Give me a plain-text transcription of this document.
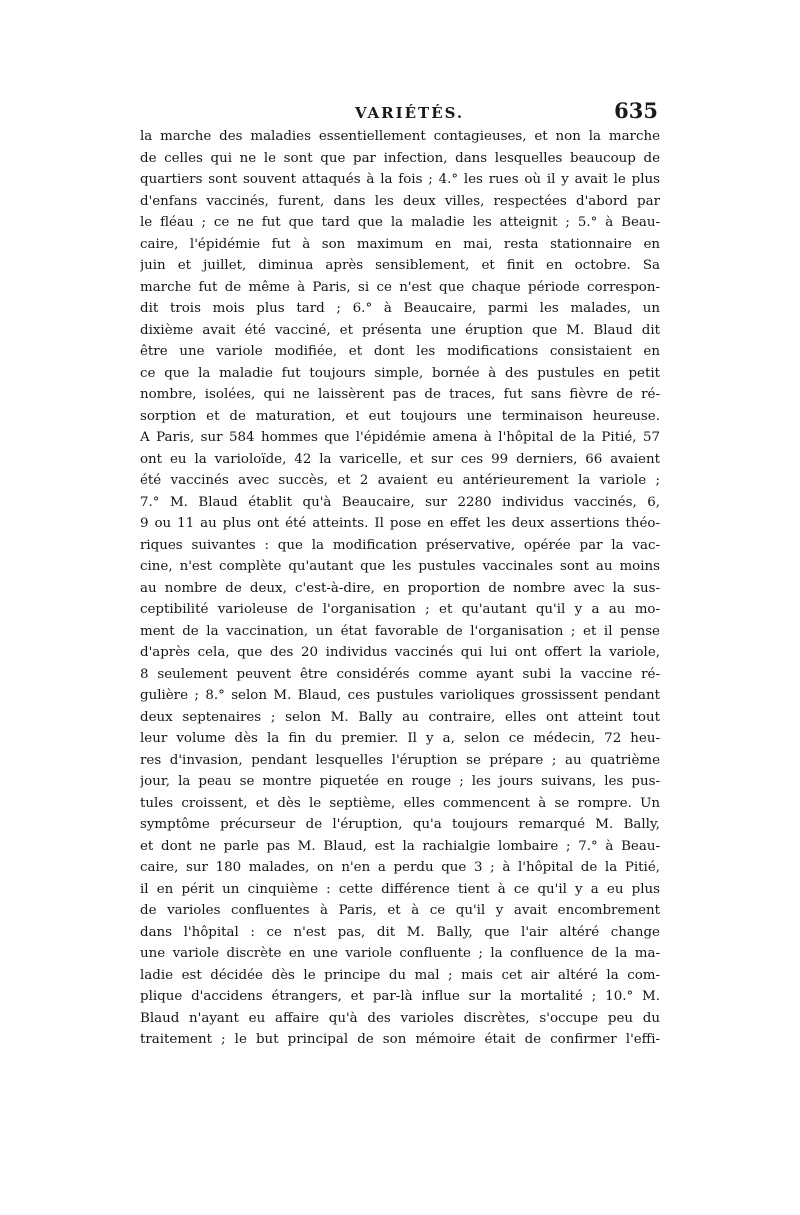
VARIÉTÉS.	635
la marche des maladies essentiellement contagieuses, et non la marche
de celles qui ne le sont que par infection, dans lesquelles beaucoup de
quartiers sont souvent attaqués à la fois ; 4.° les rues où il y avait le plus
d'enfans vaccinés, furent, dans les deux villes, respectées d'abord par
le fléau ; ce ne fut que tard que la maladie les atteignit ; 5.° à Beau-
caire, l'épidémie fut à son maximum en mai, resta stationnaire en
juin et juillet, diminua après sensiblement, et finit en octobre. Sa
marche fut de même à Paris, si ce n'est que chaque période correspon-
dit trois mois plus tard ; 6.° à Beaucaire, parmi les malades, un
dixième avait été vacciné, et présenta une éruption que M. Blaud dit
être une variole modifiée, et dont les modifications consistaient en
ce que la maladie fut toujours simple, bornée à des pustules en petit
nombre, isolées, qui ne laissèrent pas de traces, fut sans fièvre de ré-
sorption et de maturation, et eut toujours une terminaison heureuse.
A Paris, sur 584 hommes que l'épidémie amena à l'hôpital de la Pitié, 57
ont eu la varioloïde, 42 la varicelle, et sur ces 99 derniers, 66 avaient
été vaccinés avec succès, et 2 avaient eu antérieurement la variole ;
7.° M. Blaud établit qu'à Beaucaire, sur 2280 individus vaccinés, 6,
9 ou 11 au plus ont été atteints. Il pose en effet les deux assertions théo-
riques suivantes : que la modification préservative, opérée par la vac-
cine, n'est complète qu'autant que les pustules vaccinales sont au moins
au nombre de deux, c'est-à-dire, en proportion de nombre avec la sus-
ceptibilité varioleuse de l'organisation ; et qu'autant qu'il y a au mo-
ment de la vaccination, un état favorable de l'organisation ; et il pense
d'après cela, que des 20 individus vaccinés qui lui ont offert la variole,
8 seulement peuvent être considérés comme ayant subi la vaccine ré-
gulière ; 8.° selon M. Blaud, ces pustules varioliques grossissent pendant
deux septenaires ; selon M. Bally au contraire, elles ont atteint tout
leur volume dès la fin du premier. Il y a, selon ce médecin, 72 heu-
res d'invasion, pendant lesquelles l'éruption se prépare ; au quatrième
jour, la peau se montre piquetée en rouge ; les jours suivans, les pus-
tules croissent, et dès le septième, elles commencent à se rompre. Un
symptôme précurseur de l'éruption, qu'a toujours remarqué M. Bally,
et dont ne parle pas M. Blaud, est la rachialgie lombaire ; 7.° à Beau-
caire, sur 180 malades, on n'en a perdu que 3 ; à l'hôpital de la Pitié,
il en périt un cinquième : cette différence tient à ce qu'il y a eu plus
de varioles confluentes à Paris, et à ce qu'il y avait encombrement
dans l'hôpital : ce n'est pas, dit M. Bally, que l'air altéré change
une variole discrète en une variole confluente ; la confluence de la ma-
ladie est décidée dès le principe du mal ; mais cet air altéré la com-
plique d'accidens étrangers, et par-là influe sur la mortalité ; 10.° M.
Blaud n'ayant eu affaire qu'à des varioles discrètes, s'occupe peu du
traitement ; le but principal de son mémoire était de confirmer l'effi-
